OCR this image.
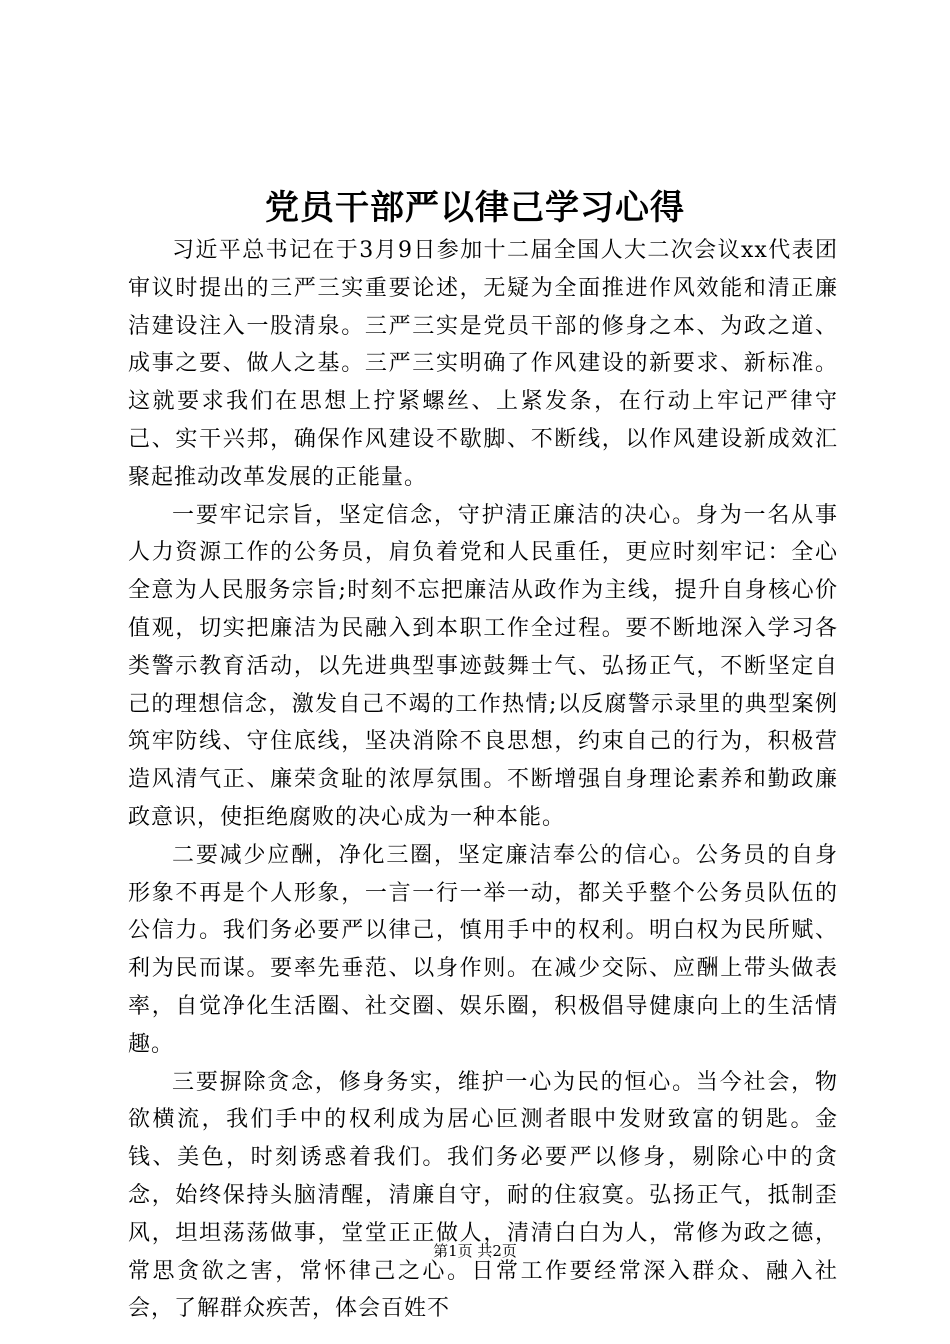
党员干部严以律己学习心得

习近平总书记在于3月9日参加十二届全国人大二次会议xx代表团审议时提出的三严三实重要论述，无疑为全面推进作风效能和清正廉洁建设注入一股清泉。三严三实是党员干部的修身之本、为政之道、成事之要、做人之基。三严三实明确了作风建设的新要求、新标准。这就要求我们在思想上拧紧螺丝、上紧发条，在行动上牢记严律守己、实干兴邦，确保作风建设不歇脚、不断线，以作风建设新成效汇聚起推动改革发展的正能量。

一要牢记宗旨，坚定信念，守护清正廉洁的决心。身为一名从事人力资源工作的公务员，肩负着党和人民重任，更应时刻牢记：全心全意为人民服务宗旨;时刻不忘把廉洁从政作为主线，提升自身核心价值观，切实把廉洁为民融入到本职工作全过程。要不断地深入学习各类警示教育活动，以先进典型事迹鼓舞士气、弘扬正气，不断坚定自己的理想信念，激发自己不竭的工作热情;以反腐警示录里的典型案例筑牢防线、守住底线，坚决消除不良思想，约束自己的行为，积极营造风清气正、廉荣贪耻的浓厚氛围。不断增强自身理论素养和勤政廉政意识，使拒绝腐败的决心成为一种本能。

二要减少应酬，净化三圈，坚定廉洁奉公的信心。公务员的自身形象不再是个人形象，一言一行一举一动，都关乎整个公务员队伍的公信力。我们务必要严以律己，慎用手中的权利。明白权为民所赋、利为民而谋。要率先垂范、以身作则。在减少交际、应酬上带头做表率，自觉净化生活圈、社交圈、娱乐圈，积极倡导健康向上的生活情趣。

三要摒除贪念，修身务实，维护一心为民的恒心。当今社会，物欲横流，我们手中的权利成为居心叵测者眼中发财致富的钥匙。金钱、美色，时刻诱惑着我们。我们务必要严以修身，剔除心中的贪念，始终保持头脑清醒，清廉自守，耐的住寂寞。弘扬正气，抵制歪风，坦坦荡荡做事，堂堂正正做人，清清白白为人，常修为政之德，常思贪欲之害，常怀律己之心。日常工作要经常深入群众、融入社会，了解群众疾苦，体会百姓不

第1页 共2页
